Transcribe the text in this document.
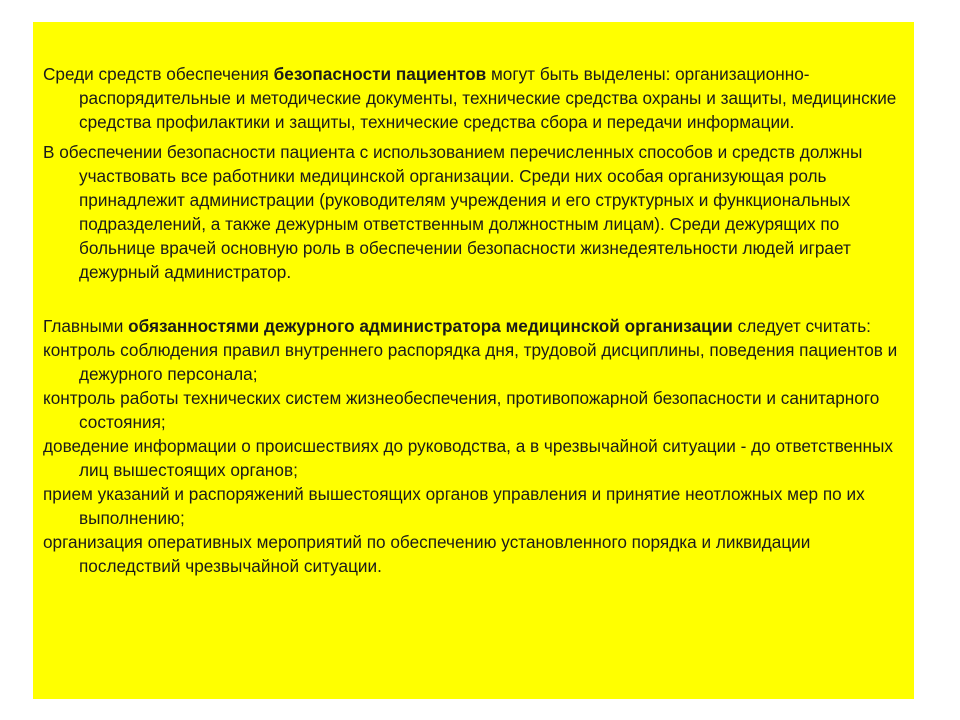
Среди средств обеспечения безопасности пациентов могут быть выделены: организационно-распорядительные и методические документы, технические средства охраны и защиты, медицинские средства профилактики и защиты, технические средства сбора и передачи информации.

В обеспечении безопасности пациента с использованием перечисленных способов и средств должны участвовать все работники медицинской организации. Среди них особая организующая роль принадлежит администрации (руководителям учреждения и его структурных и функциональных подразделений, а также дежурным ответственным должностным лицам). Среди дежурящих по больнице врачей основную роль в обеспечении безопасности жизнедеятельности людей играет дежурный администратор.

Главными обязанностями дежурного администратора медицинской организации следует считать:

контроль соблюдения правил внутреннего распорядка дня, трудовой дисциплины, поведения пациентов и дежурного персонала;

контроль работы технических систем жизнеобеспечения, противопожарной безопасности и санитарного состояния;

доведение информации о происшествиях до руководства, а в чрезвычайной ситуации - до ответственных лиц вышестоящих органов;

прием указаний и распоряжений вышестоящих органов управления и принятие неотложных мер по их выполнению;

организация оперативных мероприятий по обеспечению установленного порядка и ликвидации последствий чрезвычайной ситуации.
